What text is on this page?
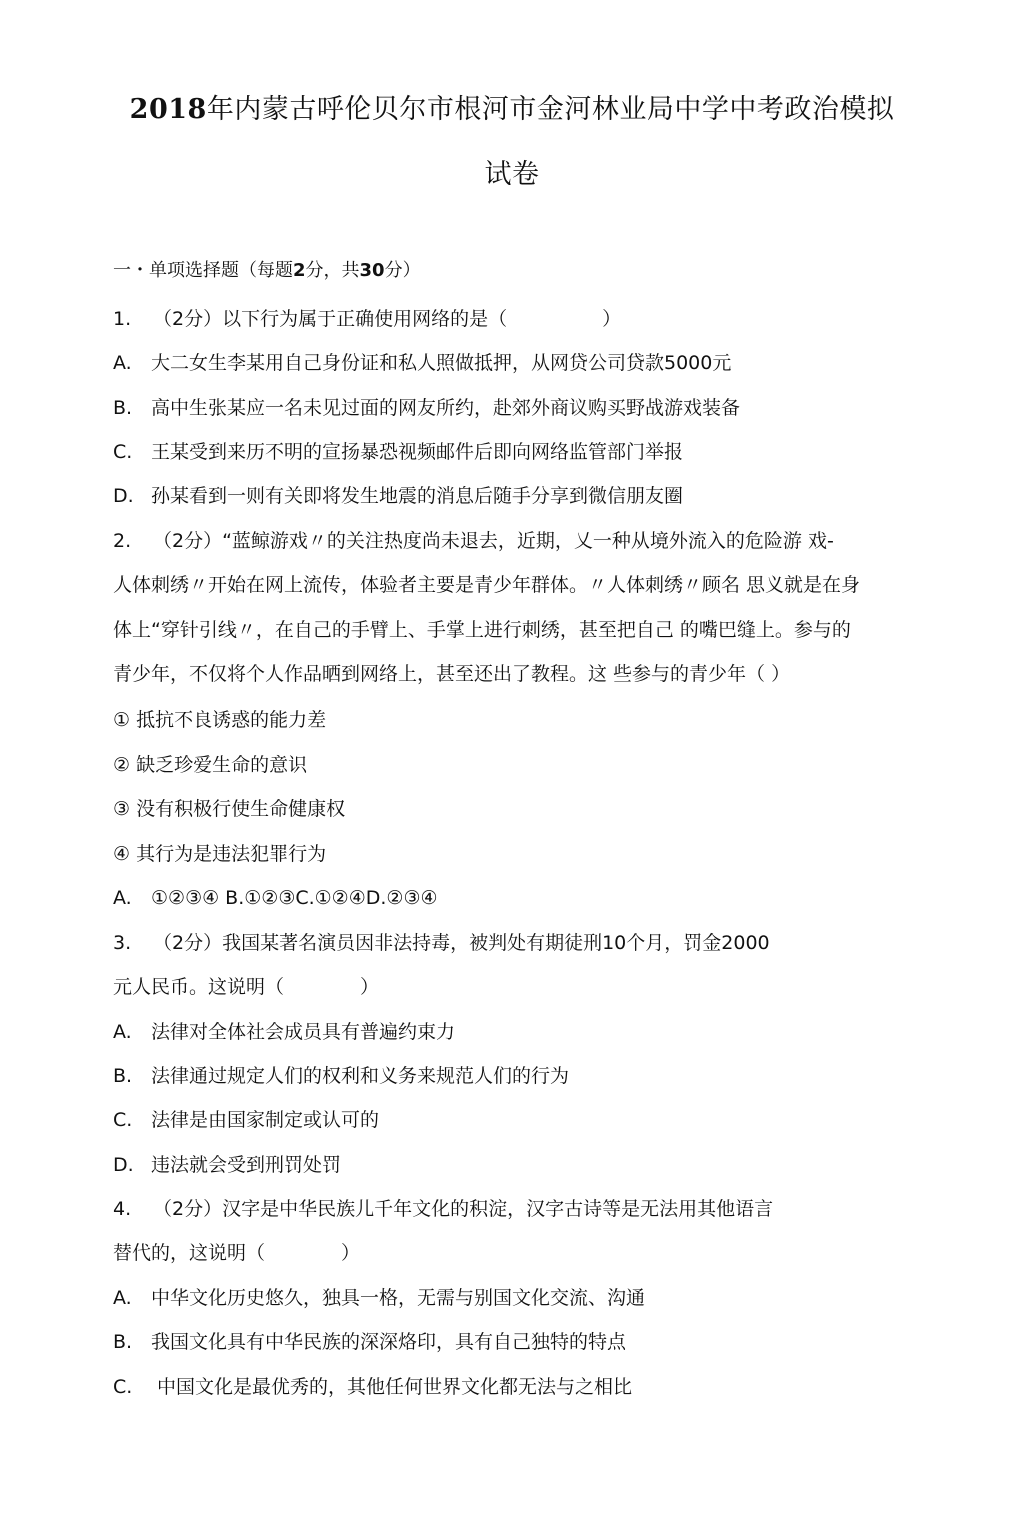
2018年内蒙古呼伦贝尔市根河市金河林业局中学中考政治模拟
试卷
一・单项选择题（每题2分，共30分）
1. （2分）以下行为属于正确使用网络的是（　　　　　）
A. 大二女生李某用自己身份证和私人照做抵押，从网贷公司贷款5000元
B. 高中生张某应一名未见过面的网友所约，赴郊外商议购买野战游戏装备
C. 王某受到来历不明的宣扬暴恐视频邮件后即向网络监管部门举报
D. 孙某看到一则有关即将发生地震的消息后随手分享到微信朋友圈
2. （2分）“蓝鲸游戏〃的关注热度尚未退去，近期，乂一种从境外流入的危险游 戏-
人体刺绣〃开始在网上流传，体验者主要是青少年群体。〃人体刺绣〃顾名 思义就是在身
体上“穿针引线〃，在自己的手臂上、手掌上进行刺绣，甚至把自己 的嘴巴缝上。参与的
青少年，不仅将个人作品晒到网络上，甚至还出了教程。这 些参与的青少年（ ）
① 抵抗不良诱惑的能力差
② 缺乏珍爱生命的意识
③ 没有积极行使生命健康权
④ 其行为是违法犯罪行为
A. ①②③④ B.①②③C.①②④D.②③④
3. （2分）我国某著名演员因非法持毒，被判处有期徒刑10个月，罚金2000
元人民币。这说明（　　　　）
A. 法律对全体社会成员具有普遍约束力
B. 法律通过规定人们的权利和义务来规范人们的行为
C. 法律是由国家制定或认可的
D. 违法就会受到刑罚处罚
4. （2分）汉字是中华民族儿千年文化的积淀，汉字古诗等是无法用其他语言
替代的，这说明（　　　　）
A. 中华文化历史悠久，独具一格，无需与别国文化交流、沟通
B. 我国文化具有中华民族的深深烙印，具有自己独特的特点
C. 中国文化是最优秀的，其他任何世界文化都无法与之相比
